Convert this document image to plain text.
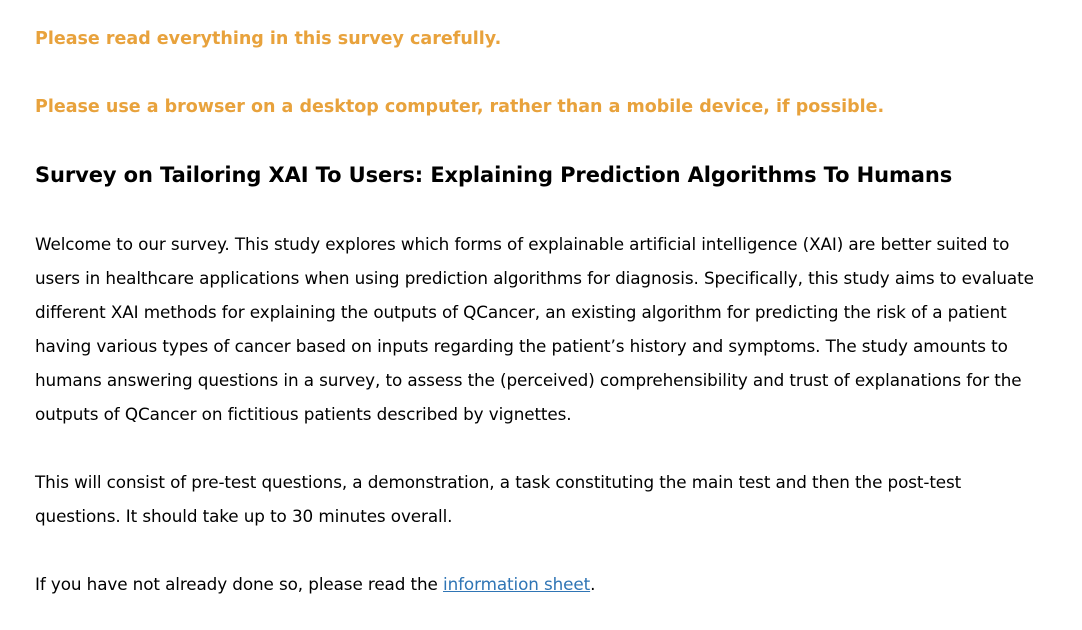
Please read everything in this survey carefully.

Please use a browser on a desktop computer, rather than a mobile device, if possible.

Survey on Tailoring XAI To Users: Explaining Prediction Algorithms To Humans

Welcome to our survey. This study explores which forms of explainable artificial intelligence (XAI) are better suited to users in healthcare applications when using prediction algorithms for diagnosis. Specifically, this study aims to evaluate different XAI methods for explaining the outputs of QCancer, an existing algorithm for predicting the risk of a patient having various types of cancer based on inputs regarding the patient’s history and symptoms. The study amounts to humans answering questions in a survey, to assess the (perceived) comprehensibility and trust of explanations for the outputs of QCancer on fictitious patients described by vignettes.

This will consist of pre-test questions, a demonstration, a task constituting the main test and then the post-test questions. It should take up to 30 minutes overall.

If you have not already done so, please read the information sheet.
